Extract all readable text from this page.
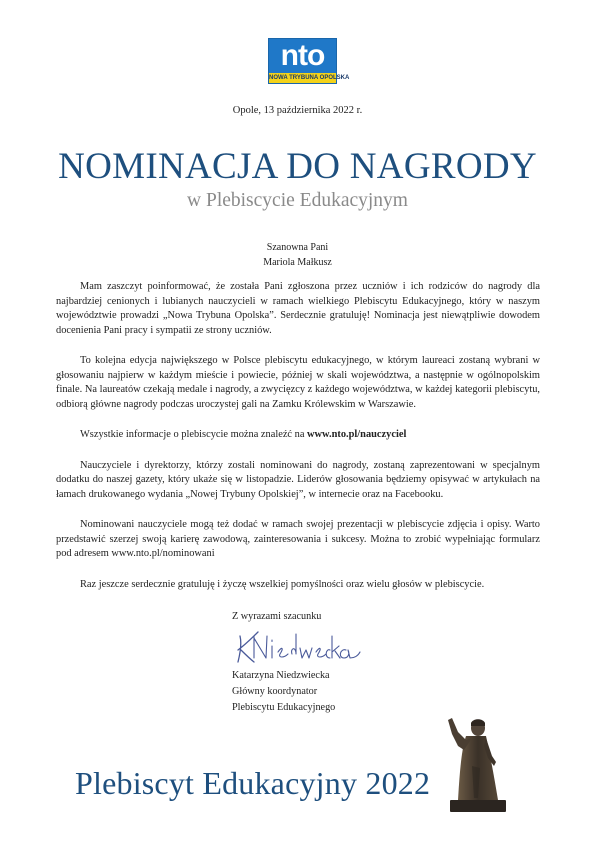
nto
NOWA TRYBUNA OPOLSKA
Opole, 13 października 2022 r.
NOMINACJA DO NAGRODY
w Plebiscycie Edukacyjnym
Szanowna Pani
Mariola Małkusz

Mam zaszczyt poinformować, że została Pani zgłoszona przez uczniów i ich rodziców do nagrody dla najbardziej cenionych i lubianych nauczycieli w ramach wielkiego Plebiscytu Edukacyjnego, który w naszym województwie prowadzi „Nowa Trybuna Opolska”. Serdecznie gratuluję! Nominacja jest niewątpliwie dowodem docenienia Pani pracy i sympatii ze strony uczniów.

To kolejna edycja największego w Polsce plebiscytu edukacyjnego, w którym laureaci zostaną wybrani w głosowaniu najpierw w każdym mieście i powiecie, później w skali województwa, a następnie w ogólnopolskim finale. Na laureatów czekają medale i nagrody, a zwycięzcy z każdego województwa, w każdej kategorii plebiscytu, odbiorą główne nagrody podczas uroczystej gali na Zamku Królewskim w Warszawie.

Wszystkie informacje o plebiscycie można znaleźć na www.nto.pl/nauczyciel

Nauczyciele i dyrektorzy, którzy zostali nominowani do nagrody, zostaną zaprezentowani w specjalnym dodatku do naszej gazety, który ukaże się w listopadzie. Liderów głosowania będziemy opisywać w artykułach na łamach drukowanego wydania „Nowej Trybuny Opolskiej”, w internecie oraz na Facebooku.

Nominowani nauczyciele mogą też dodać w ramach swojej prezentacji w plebiscycie zdjęcia i opisy. Warto przedstawić szerzej swoją karierę zawodową, zainteresowania i sukcesy. Można to zrobić wypełniając formularz pod adresem www.nto.pl/nominowani

Raz jeszcze serdecznie gratuluję i życzę wszelkiej pomyślności oraz wielu głosów w plebiscycie.

Z wyrazami szacunku
Katarzyna Niedzwiecka
Główny koordynator
Plebiscytu Edukacyjnego
Plebiscyt Edukacyjny 2022
